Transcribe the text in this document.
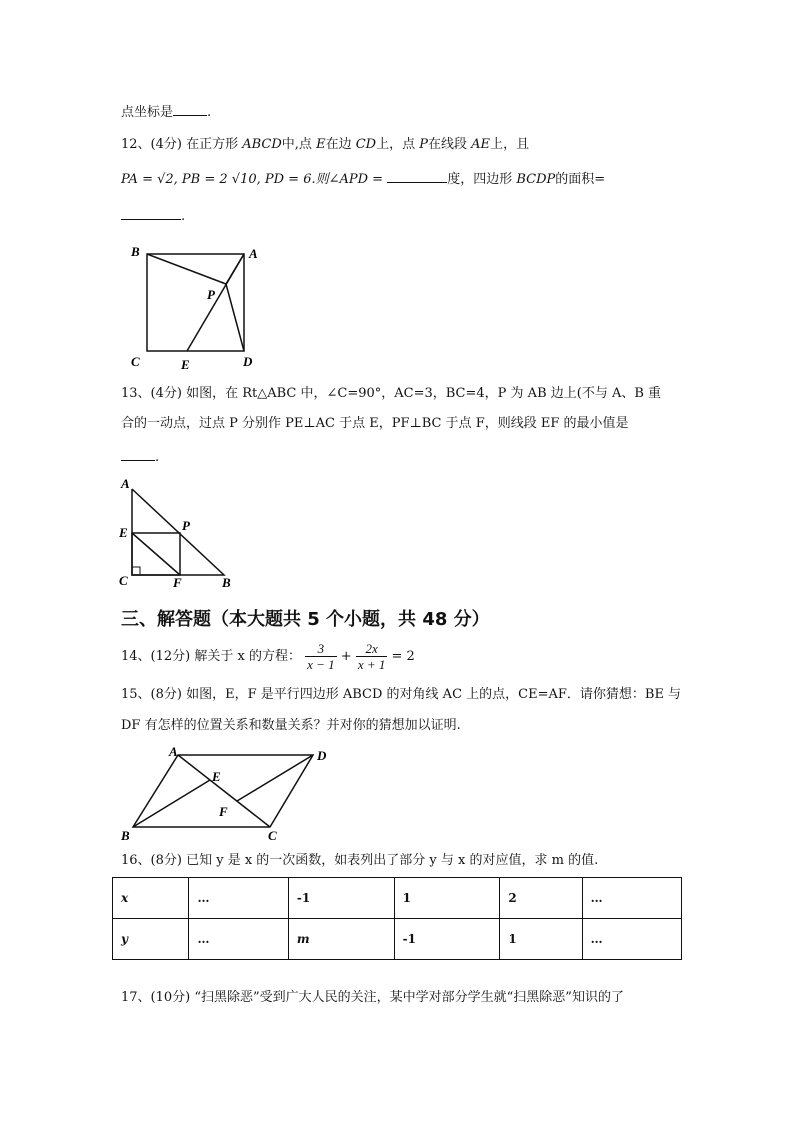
点坐标是	.
12、(4分) 在正方形 ABCD中,点 E在边 CD上，点 P在线段 AE上，且
PA = √2, PB = 2 √10, PD = 6.则∠APD =	度，四边形 BCDP的面积=
.
B	A
P
C	E	D
13、(4分) 如图，在 Rt△ABC 中，∠C=90°，AC=3，BC=4，P 为 AB 边上(不与 A、B 重
合的一动点，过点 P 分别作 PE⊥AC 于点 E，PF⊥BC 于点 F，则线段 EF 的最小值是
.
A
E	P
C	F	B
三、解答题（本大题共 5 个小题，共 48 分）
14、(12分) 解关于 x 的方程： $\frac{3}{x - 1} + \frac{2x}{x + 1} = 2$
15、(8分) 如图，E，F 是平行四边形 ABCD 的对角线 AC 上的点，CE=AF．请你猜想：BE 与
DF 有怎样的位置关系和数量关系？并对你的猜想加以证明.
A	D
E
F
B	C
16、(8分) 已知 y 是 x 的一次函数，如表列出了部分 y 与 x 的对应值，求 m 的值.
x	…	-1	1	2	…
y	…	m	-1	1	…
17、(10分) “扫黑除恶”受到广大人民的关注，某中学对部分学生就“扫黑除恶”知识的了
